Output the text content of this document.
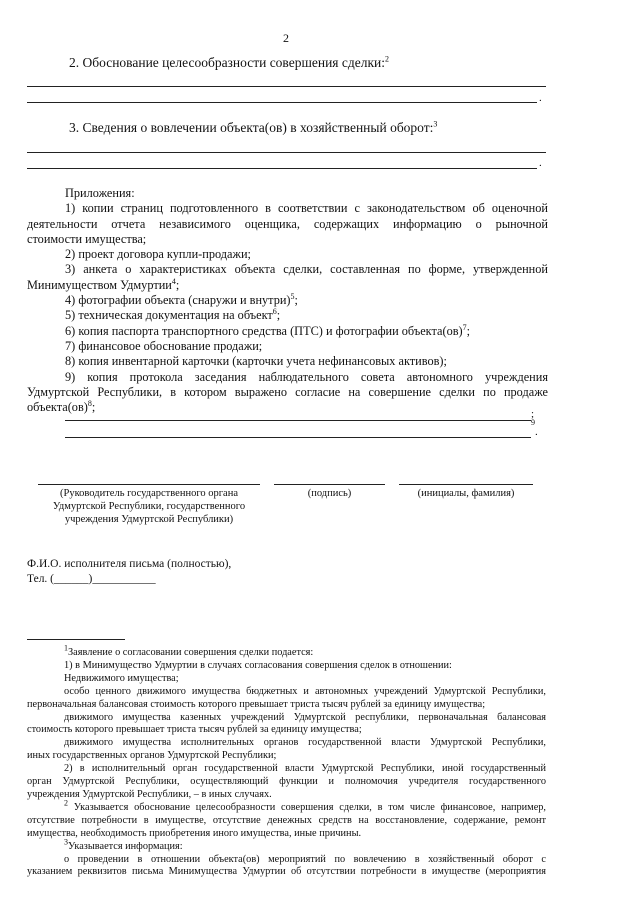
2
2. Обоснование целесообразности совершения сделки:$^2$
.
3. Сведения о вовлечении объекта(ов) в хозяйственный оборот:$^3$
.

Приложения:

1) копии страниц подготовленного в соответствии с законодательством об оценочной

деятельности отчета независимого оценщика, содержащих информацию о рыночной

стоимости имущества;

2) проект договора купли-продажи;

3) анкета о характеристиках объекта сделки, составленная по форме, утвержденной

Минимуществом Удмуртии$^4$;

4) фотографии объекта (снаружи и внутри)$^5$;

5) техническая документация на объект$^6$;

6) копия паспорта транспортного средства (ПТС) и фотографии объекта(ов)$^7$;

7) финансовое обоснование продажи;

8) копия инвентарной карточки (карточки учета нефинансовых активов);

9) копия протокола заседания наблюдательного совета автономного учреждения

Удмуртской Республики, в котором выражено согласие на совершение сделки по продаже

объекта(ов)$^8$;	;
9
.
(Руководитель государственного органа
Удмуртской Республики, государственного
учреждения Удмуртской Республики)
(подпись)	(инициалы, фамилия)
Ф.И.О. исполнителя письма (полностью),
Тел. (______)___________

$^1$Заявление о согласовании совершения сделки подается:

1) в Минимущество Удмуртии в случаях согласования совершения сделок в отношении:

Недвижимого имущества;

особо ценного движимого имущества бюджетных и автономных учреждений Удмуртской Республики,

первоначальная балансовая стоимость которого превышает триста тысяч рублей за единицу имущества;

движимого имущества казенных учреждений Удмуртской республики, первоначальная балансовая

стоимость которого превышает триста тысяч рублей за единицу имущества;

движимого имущества исполнительных органов государственной власти Удмуртской Республики,

иных государственных органов Удмуртской Республики;

2) в исполнительный орган государственной власти Удмуртской Республики, иной государственный

орган Удмуртской Республики, осуществляющий функции и полномочия учредителя государственного

учреждения Удмуртской Республики, – в иных случаях.

$^2$ Указывается обоснование целесообразности совершения сделки, в том числе финансовое, например,

отсутствие потребности в имуществе, отсутствие денежных средств на восстановление, содержание, ремонт

имущества, необходимость приобретения иного имущества, иные причины.

$^3$Указывается информация:

о проведении в отношении объекта(ов) мероприятий по вовлечению в хозяйственный оборот с

указанием реквизитов письма Минимущества Удмуртии об отсутствии потребности в имуществе (мероприятия
